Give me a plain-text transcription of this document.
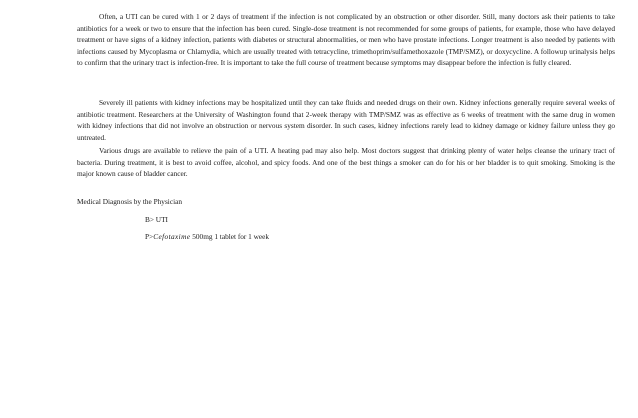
Often, a UTI can be cured with 1 or 2 days of treatment if the infection is not complicated by an obstruction or other disorder. Still, many doctors ask their patients to take antibiotics for a week or two to ensure that the infection has been cured. Single-dose treatment is not recommended for some groups of patients, for example, those who have delayed treatment or have signs of a kidney infection, patients with diabetes or structural abnormalities, or men who have prostate infections. Longer treatment is also needed by patients with infections caused by Mycoplasma or Chlamydia, which are usually treated with tetracycline, trimethoprim/sulfamethoxazole (TMP/SMZ), or doxycycline. A followup urinalysis helps to confirm that the urinary tract is infection-free. It is important to take the full course of treatment because symptoms may disappear before the infection is fully cleared.

Severely ill patients with kidney infections may be hospitalized until they can take fluids and needed drugs on their own. Kidney infections generally require several weeks of antibiotic treatment. Researchers at the University of Washington found that 2-week therapy with TMP/SMZ was as effective as 6 weeks of treatment with the same drug in women with kidney infections that did not involve an obstruction or nervous system disorder. In such cases, kidney infections rarely lead to kidney damage or kidney failure unless they go untreated.

Various drugs are available to relieve the pain of a UTI. A heating pad may also help. Most doctors suggest that drinking plenty of water helps cleanse the urinary tract of bacteria. During treatment, it is best to avoid coffee, alcohol, and spicy foods. And one of the best things a smoker can do for his or her bladder is to quit smoking. Smoking is the major known cause of bladder cancer.

Medical Diagnosis by the Physician

B> UTI

P>Cefotaxime 500mg 1 tablet for 1 week
